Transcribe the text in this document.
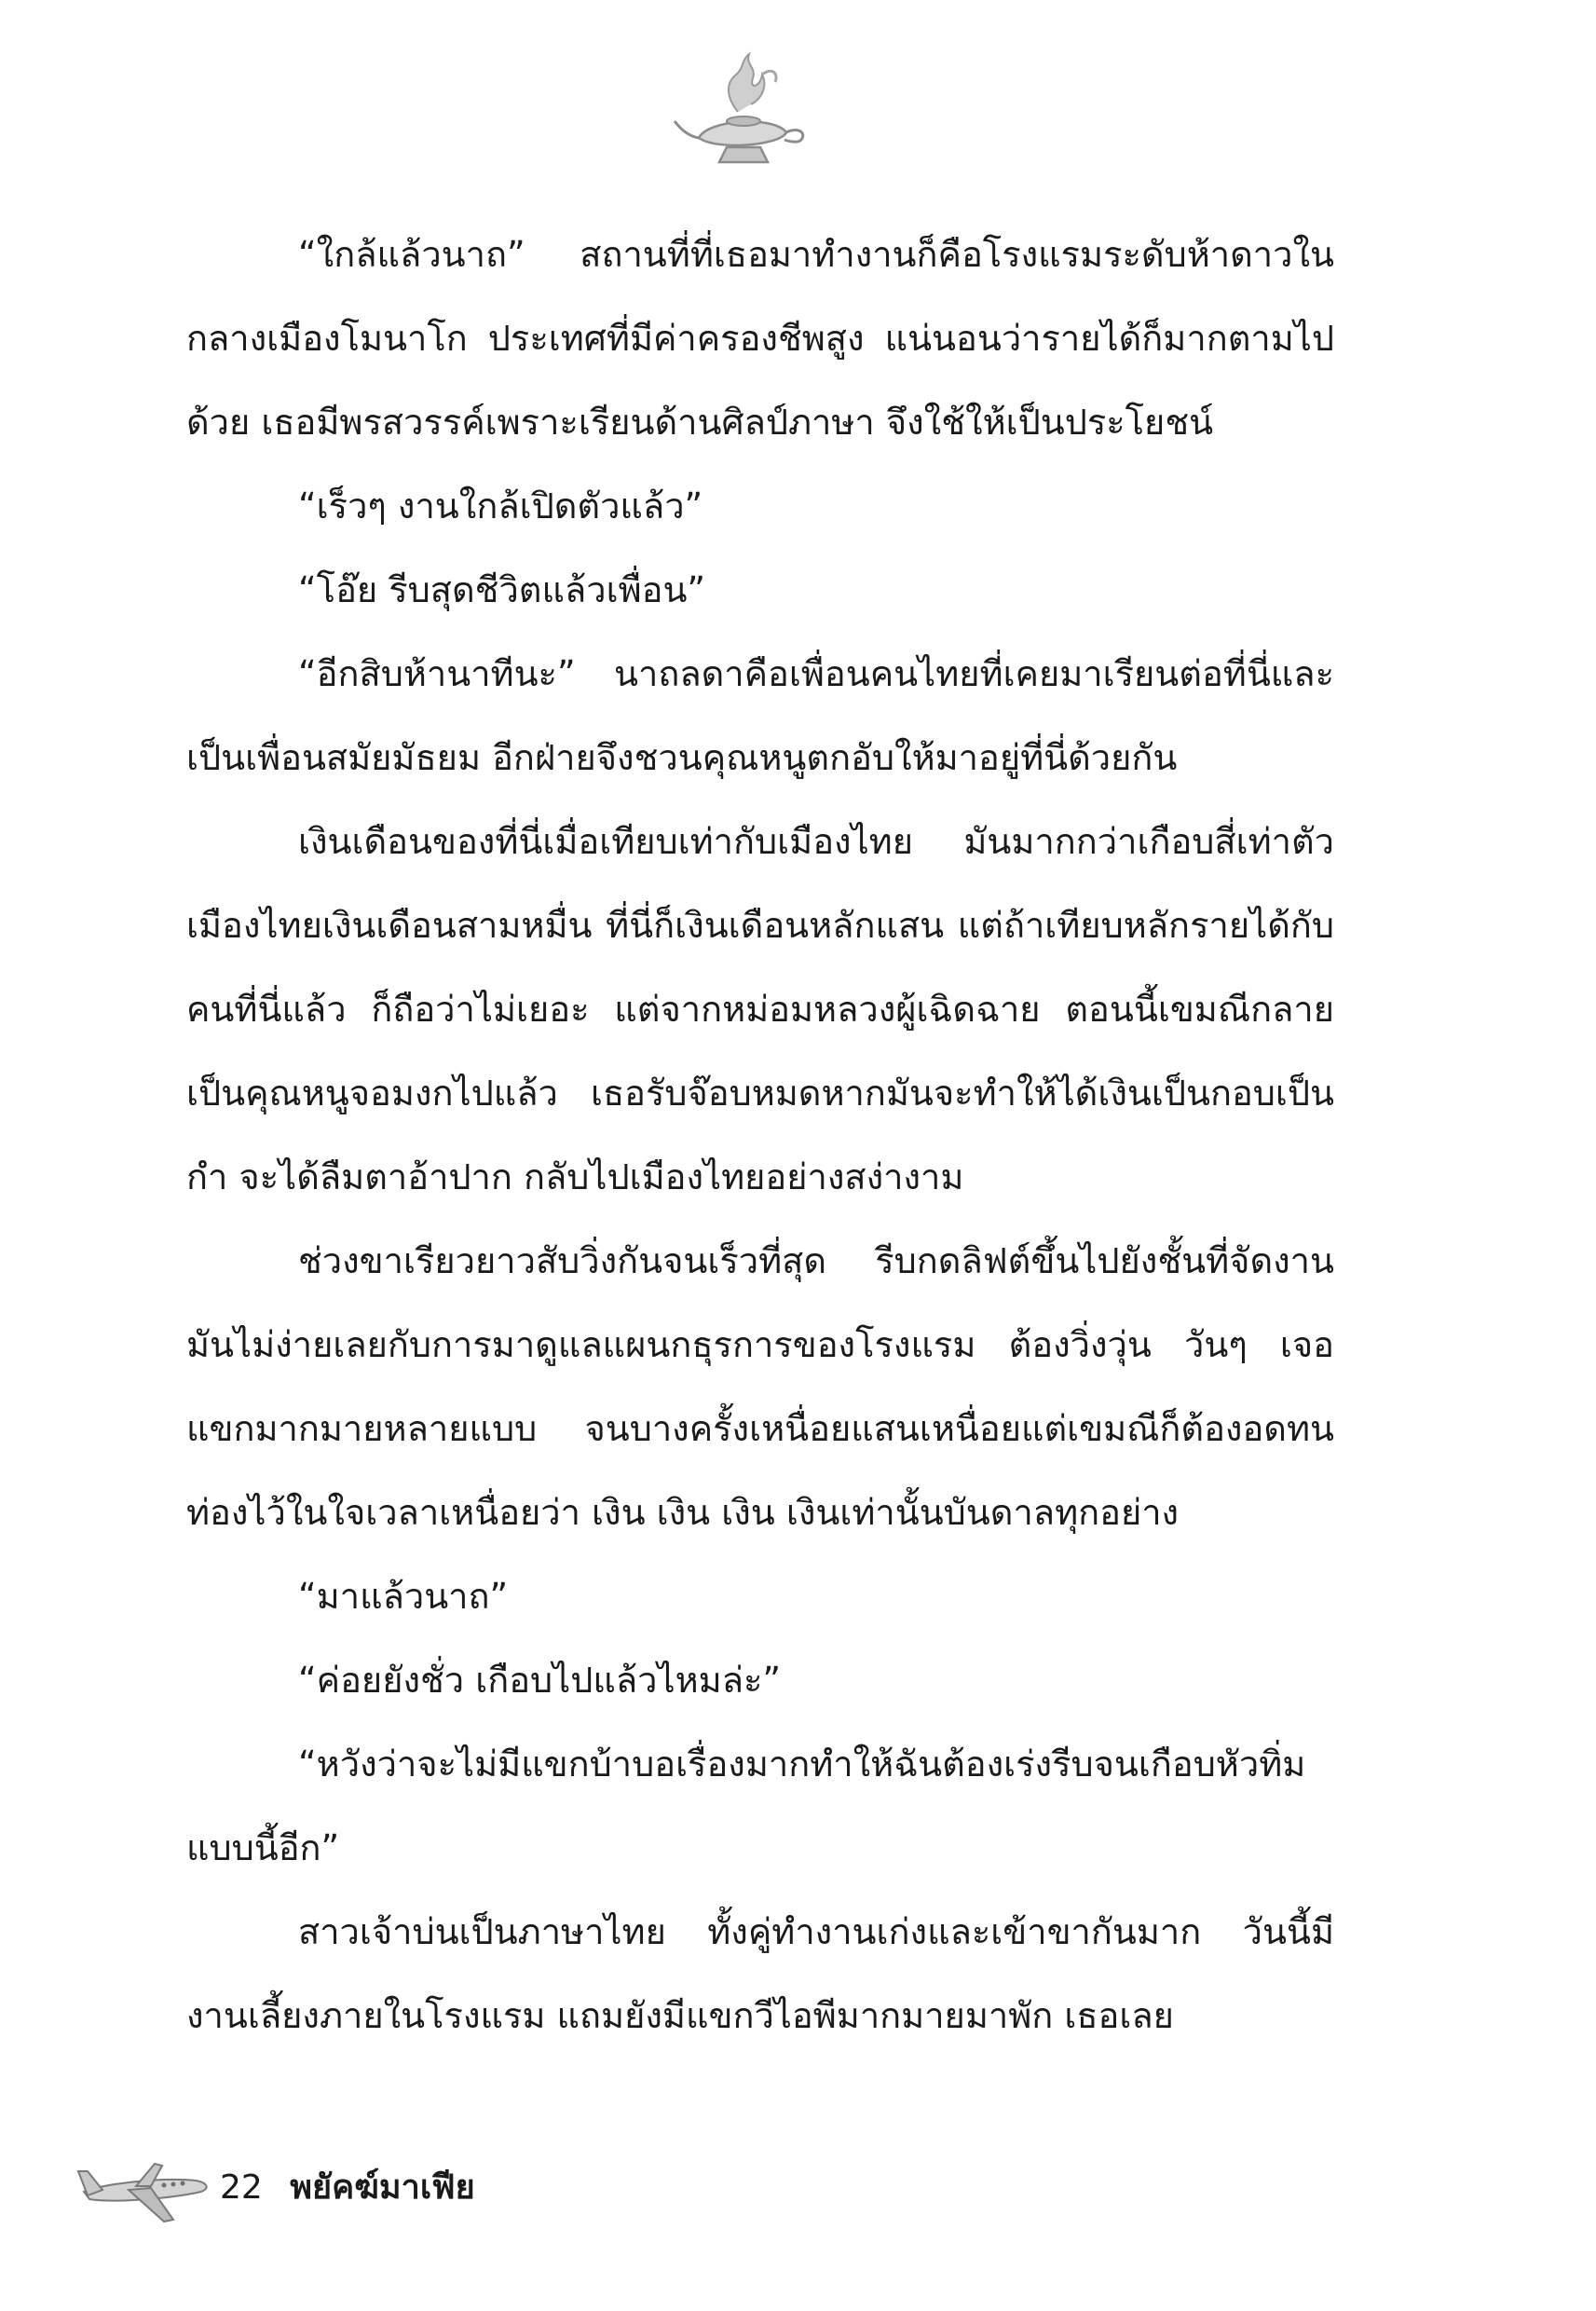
“ใกล้แล้วนาถ” สถานที่ที่เธอมาทำงานก็คือโรงแรมระดับห้าดาวในกลางเมืองโมนาโก ประเทศที่มีค่าครองชีพสูง แน่นอนว่ารายได้ก็มากตามไปด้วย เธอมีพรสวรรค์เพราะเรียนด้านศิลป์ภาษา จึงใช้ให้เป็นประโยชน์

“เร็วๆ งานใกล้เปิดตัวแล้ว”

“โอ๊ย รีบสุดชีวิตแล้วเพื่อน”

“อีกสิบห้านาทีนะ” นาถลดาคือเพื่อนคนไทยที่เคยมาเรียนต่อที่นี่และเป็นเพื่อนสมัยมัธยม อีกฝ่ายจึงชวนคุณหนูตกอับให้มาอยู่ที่นี่ด้วยกัน

เงินเดือนของที่นี่เมื่อเทียบเท่ากับเมืองไทย มันมากกว่าเกือบสี่เท่าตัว เมืองไทยเงินเดือนสามหมื่น ที่นี่ก็เงินเดือนหลักแสน แต่ถ้าเทียบหลักรายได้กับคนที่นี่แล้ว ก็ถือว่าไม่เยอะ แต่จากหม่อมหลวงผู้เฉิดฉาย ตอนนี้เขมณีกลายเป็นคุณหนูจอมงกไปแล้ว เธอรับจ๊อบหมดหากมันจะทำให้ได้เงินเป็นกอบเป็นกำ จะได้ลืมตาอ้าปาก กลับไปเมืองไทยอย่างสง่างาม

ช่วงขาเรียวยาวสับวิ่งกันจนเร็วที่สุด รีบกดลิฟต์ขึ้นไปยังชั้นที่จัดงาน มันไม่ง่ายเลยกับการมาดูแลแผนกธุรการของโรงแรม ต้องวิ่งวุ่น วันๆ เจอแขกมากมายหลายแบบ จนบางครั้งเหนื่อยแสนเหนื่อยแต่เขมณีก็ต้องอดทน ท่องไว้ในใจเวลาเหนื่อยว่า เงิน เงิน เงิน เงินเท่านั้นบันดาลทุกอย่าง

“มาแล้วนาถ”

“ค่อยยังชั่ว เกือบไปแล้วไหมล่ะ”

“หวังว่าจะไม่มีแขกบ้าบอเรื่องมากทำให้ฉันต้องเร่งรีบจนเกือบหัวทิ่มแบบนี้อีก”

สาวเจ้าบ่นเป็นภาษาไทย ทั้งคู่ทำงานเก่งและเข้าขากันมาก วันนี้มีงานเลี้ยงภายในโรงแรม แถมยังมีแขกวีไอพีมากมายมาพัก เธอเลย

22 พยัคฆ์มาเฟีย
